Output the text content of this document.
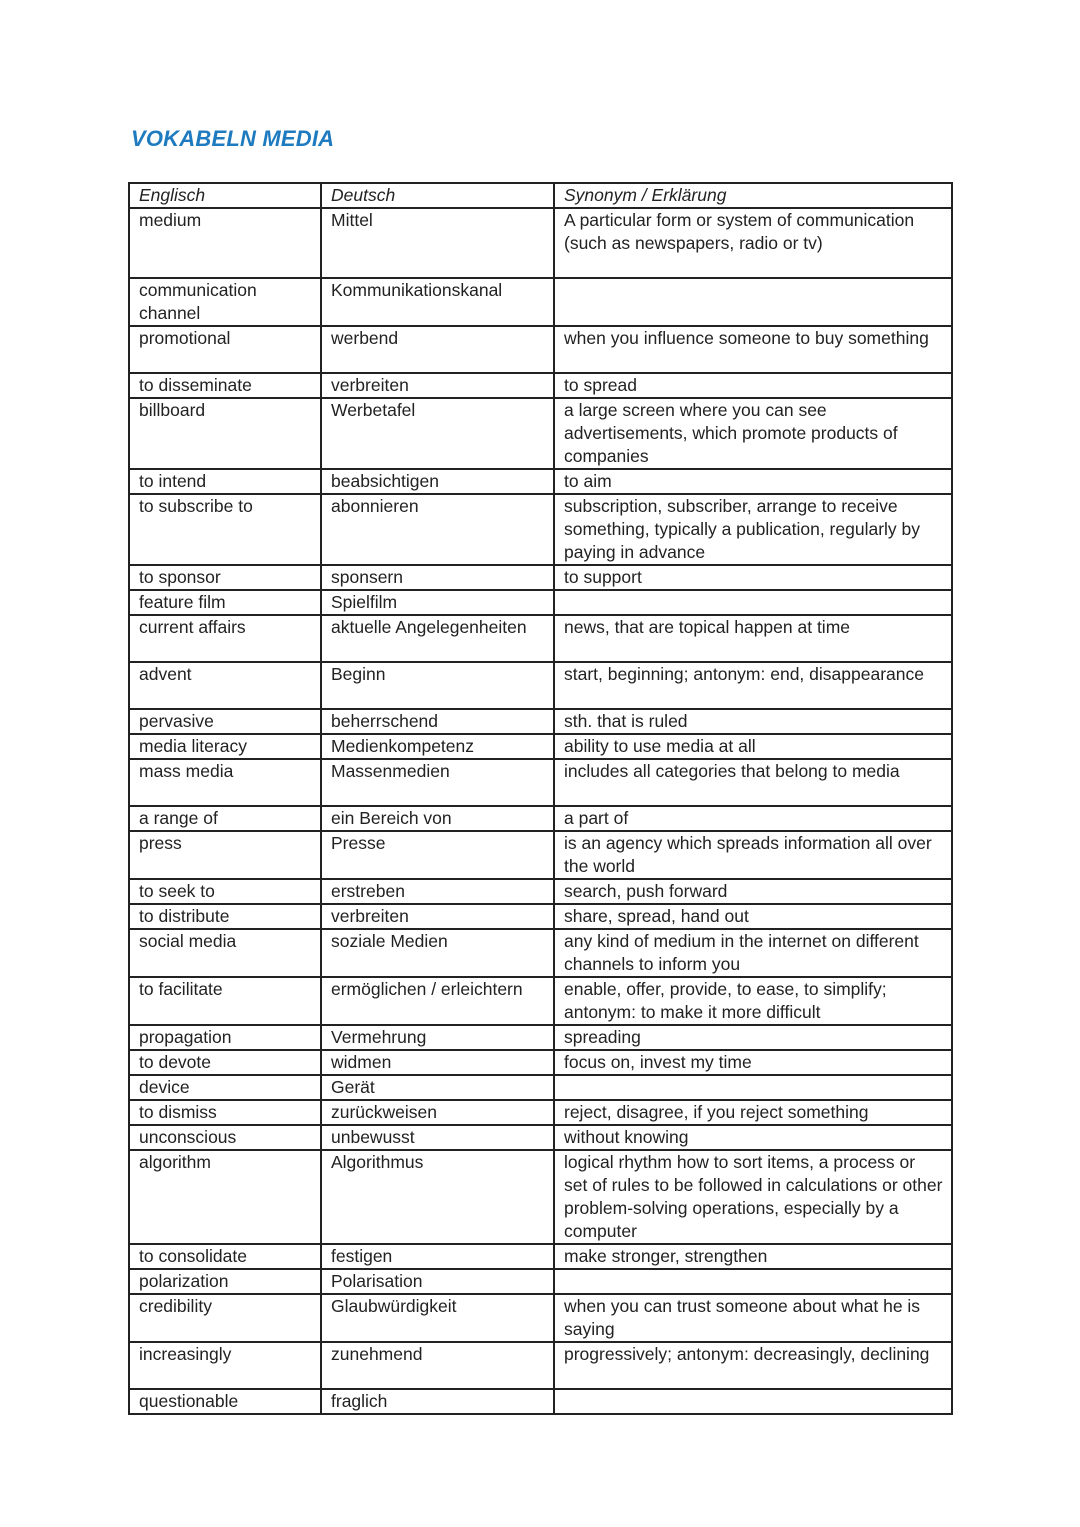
VOKABELN MEDIA
Englisch	Deutsch	Synonym / Erklärung
medium	Mittel	A particular form or system of communication (such as newspapers, radio or tv)
communication channel	Kommunikationskanal	
promotional	werbend	when you influence someone to buy something
to disseminate	verbreiten	to spread
billboard	Werbetafel	a large screen where you can see advertisements, which promote products of companies
to intend	beabsichtigen	to aim
to subscribe to	abonnieren	subscription, subscriber, arrange to receive something, typically a publication, regularly by paying in advance
to sponsor	sponsern	to support
feature film	Spielfilm	
current affairs	aktuelle Angelegenheiten	news, that are topical happen at time
advent	Beginn	start, beginning; antonym: end, disappearance
pervasive	beherrschend	sth. that is ruled
media literacy	Medienkompetenz	ability to use media at all
mass media	Massenmedien	includes all categories that belong to media
a range of	ein Bereich von	a part of
press	Presse	is an agency which spreads information all over the world
to seek to	erstreben	search, push forward
to distribute	verbreiten	share, spread, hand out
social media	soziale Medien	any kind of medium in the internet on different channels to inform you
to facilitate	ermöglichen / erleichtern	enable, offer, provide, to ease, to simplify; antonym: to make it more difficult
propagation	Vermehrung	spreading
to devote	widmen	focus on, invest my time
device	Gerät	
to dismiss	zurückweisen	reject, disagree, if you reject something
unconscious	unbewusst	without knowing
algorithm	Algorithmus	logical rhythm how to sort items, a process or set of rules to be followed in calculations or other problem-solving operations, especially by a computer
to consolidate	festigen	make stronger, strengthen
polarization	Polarisation	
credibility	Glaubwürdigkeit	when you can trust someone about what he is saying
increasingly	zunehmend	progressively; antonym: decreasingly, declining
questionable	fraglich	
